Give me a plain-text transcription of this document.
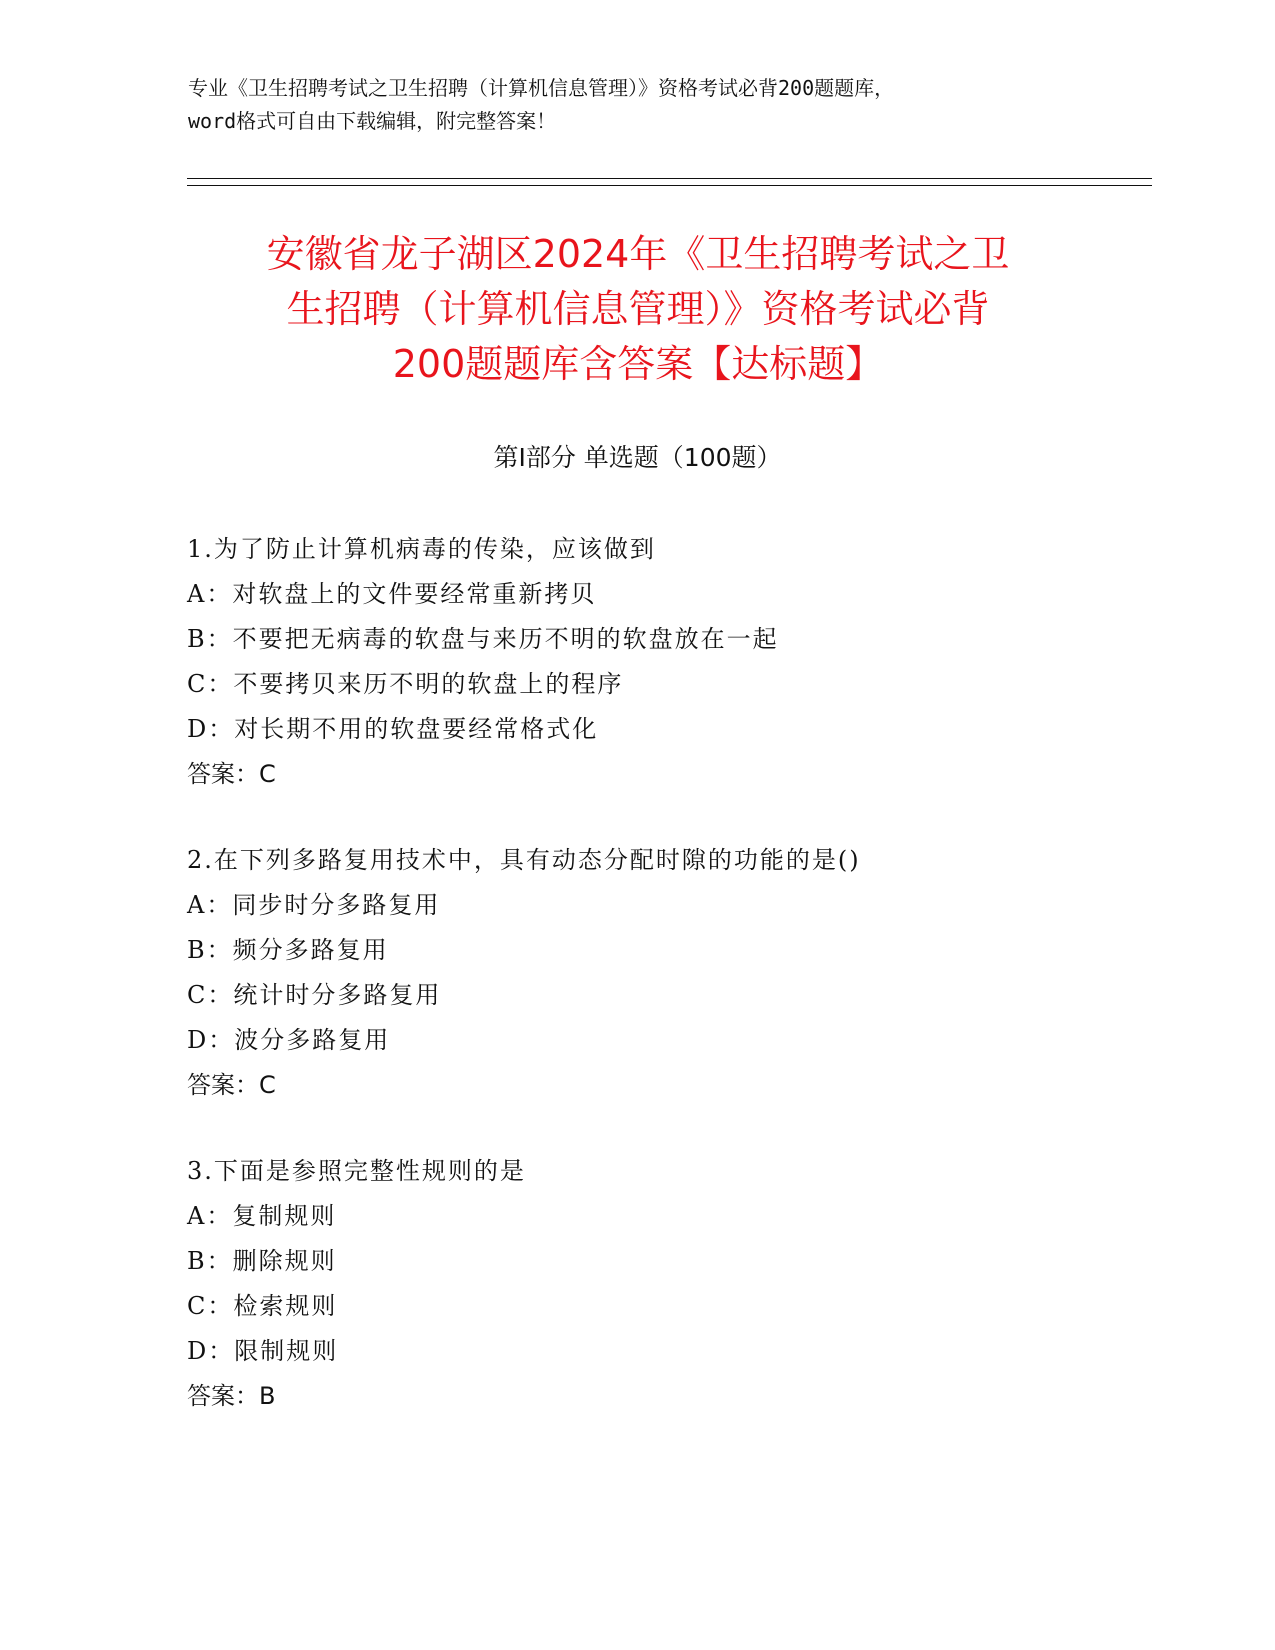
专业《卫生招聘考试之卫生招聘（计算机信息管理）》资格考试必背200题题库，
word格式可自由下载编辑，附完整答案！
安徽省龙子湖区2024年《卫生招聘考试之卫
生招聘（计算机信息管理）》资格考试必背
200题题库含答案【达标题】
第Ⅰ部分 单选题（100题）
1.为了防止计算机病毒的传染，应该做到
A：对软盘上的文件要经常重新拷贝
B：不要把无病毒的软盘与来历不明的软盘放在一起
C：不要拷贝来历不明的软盘上的程序
D：对长期不用的软盘要经常格式化
答案：C
2.在下列多路复用技术中，具有动态分配时隙的功能的是()
A：同步时分多路复用
B：频分多路复用
C：统计时分多路复用
D：波分多路复用
答案：C
3.下面是参照完整性规则的是
A：复制规则
B：删除规则
C：检索规则
D：限制规则
答案：B
